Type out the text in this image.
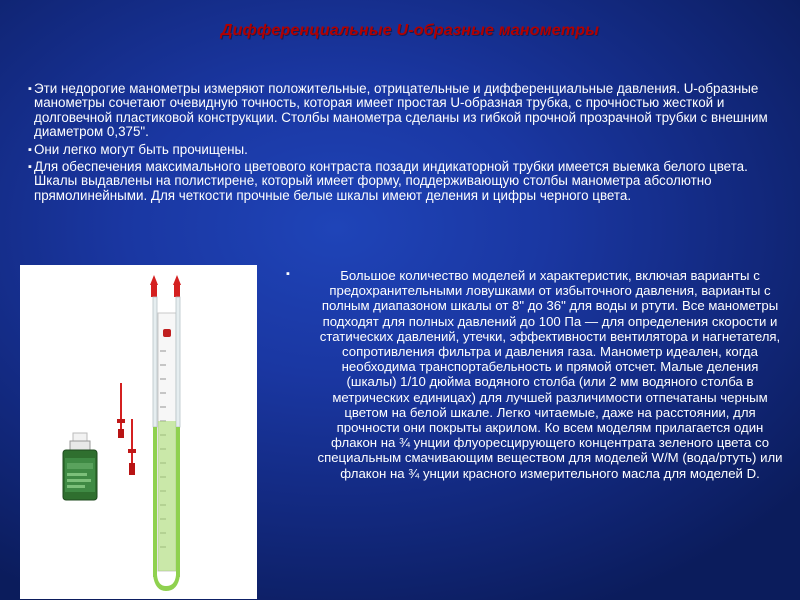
Дифференциальные U-образные манометры
▪ Эти недорогие манометры измеряют положительные, отрицательные и дифференциальные давления. U-образные манометры сочетают очевидную точность, которая имеет простая U-образная трубка, с прочностью жесткой и долговечной пластиковой конструкции. Столбы манометра сделаны из гибкой прочной прозрачной трубки с внешним диаметром 0,375".
▪ Они легко могут быть прочищены.
▪ Для обеспечения максимального цветового контраста позади индикаторной трубки имеется выемка белого цвета. Шкалы выдавлены на полистирене, который имеет форму, поддерживающую столбы манометра абсолютно прямолинейными. Для четкости прочные белые шкалы имеют деления и цифры черного цвета.
▪	Большое количество моделей и характеристик, включая варианты с предохранительными ловушками от избыточного давления, варианты с полным диапазоном шкалы от 8" до 36" для воды и ртути. Все манометры подходят для полных давлений до 100 Па — для определения скорости и статических давлений, утечки, эффективности вентилятора и нагнетателя, сопротивления фильтра и давления газа. Манометр идеален, когда необходима транспортабельность и прямой отсчет. Малые деления (шкалы) 1/10 дюйма водяного столба (или 2 мм водяного столба в метрических единицах) для лучшей различимости отпечатаны черным цветом на белой шкале. Легко читаемые, даже на расстоянии, для прочности они покрыты акрилом. Ко всем моделям прилагается один флакон на ¾ унции флуоресцирующего концентрата зеленого цвета со специальным смачивающим веществом для моделей W/M (вода/ртуть) или флакон на ¾ унции красного измерительного масла для моделей D.
